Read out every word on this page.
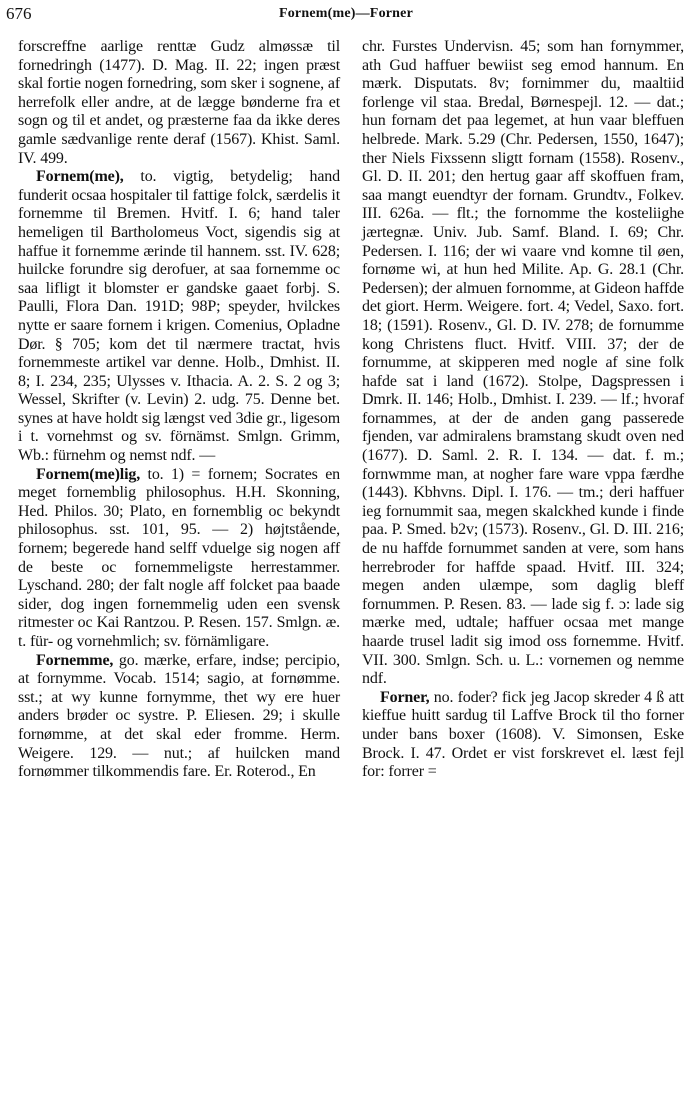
676	Fornem(me)—Forner

forscreffne aarlige renttæ Gudz almøssæ til fornedringh (1477). D. Mag. II. 22; ingen præst skal fortie nogen fornedring, som sker i sognene, af herrefolk eller andre, at de lægge bønderne fra et sogn og til et andet, og præsterne faa da ikke deres gamle sædvanlige rente deraf (1567). Khist. Saml. IV. 499.

Fornem(me), to. vigtig, betydelig; hand funderit ocsaa hospitaler til fattige folck, særdelis it fornemme til Bremen. Hvitf. I. 6; hand taler hemeligen til Bartholomeus Voct, sigendis sig at haffue it fornemme ærinde til hannem. sst. IV. 628; huilcke forundre sig derofuer, at saa fornemme oc saa lifligt it blomster er gandske gaaet forbj. S. Paulli, Flora Dan. 191D; 98P; speyder, hvilckes nytte er saare fornem i krigen. Comenius, Opladne Dør. § 705; kom det til nærmere tractat, hvis fornemmeste artikel var denne. Holb., Dmhist. II. 8; I. 234, 235; Ulysses v. Ithacia. A. 2. S. 2 og 3; Wessel, Skrifter (v. Levin) 2. udg. 75. Denne bet. synes at have holdt sig længst ved 3die gr., ligesom i t. vornehmst og sv. förnämst. Smlgn. Grimm, Wb.: fürnehm og nemst ndf. —

Fornem(me)lig, to. 1) = fornem; Socrates en meget fornemblig philosophus. H.H. Skonning, Hed. Philos. 30; Plato, en fornemblig oc bekyndt philosophus. sst. 101, 95. — 2) højtstående, fornem; begerede hand selff vduelge sig nogen aff de beste oc fornemmeligste herrestammer. Lyschand. 280; der falt nogle aff folcket paa baade sider, dog ingen fornemmelig uden een svensk ritmester oc Kai Rantzou. P. Resen. 157. Smlgn. æ. t. für- og vornehmlich; sv. förnämligare.

Fornemme, go. mærke, erfare, indse; percipio, at fornymme. Vocab. 1514; sagio, at fornømme. sst.; at wy kunne fornymme, thet wy ere huer anders brøder oc systre. P. Eliesen. 29; i skulle fornømme, at det skal eder fromme. Herm. Weigere. 129. — nut.; af huilcken mand fornømmer tilkommendis fare. Er. Roterod., En

chr. Furstes Undervisn. 45; som han fornymmer, ath Gud haffuer bewiist seg emod hannum. En mærk. Disputats. 8v; fornimmer du, maaltiid forlenge vil staa. Bredal, Børnespejl. 12. — dat.; hun fornam det paa legemet, at hun vaar bleffuen helbrede. Mark. 5.29 (Chr. Pedersen, 1550, 1647); ther Niels Fixssenn sligtt fornam (1558). Rosenv., Gl. D. II. 201; den hertug gaar aff skoffuen fram, saa mangt euendtyr der fornam. Grundtv., Folkev. III. 626a. — flt.; the fornomme the kosteliighe jærtegnæ. Univ. Jub. Samf. Bland. I. 69; Chr. Pedersen. I. 116; der wi vaare vnd komne til øen, fornøme wi, at hun hed Milite. Ap. G. 28.1 (Chr. Pedersen); der almuen fornomme, at Gideon haffde det giort. Herm. Weigere. fort. 4; Vedel, Saxo. fort. 18; (1591). Rosenv., Gl. D. IV. 278; de fornumme kong Christens fluct. Hvitf. VIII. 37; der de fornumme, at skipperen med nogle af sine folk hafde sat i land (1672). Stolpe, Dagspressen i Dmrk. II. 146; Holb., Dmhist. I. 239. — lf.; hvoraf fornammes, at der de anden gang passerede fjenden, var admiralens bramstang skudt oven ned (1677). D. Saml. 2. R. I. 134. — dat. f. m.; fornwmme man, at nogher fare ware vppa færdhe (1443). Kbhvns. Dipl. I. 176. — tm.; deri haffuer ieg fornummit saa, megen skalckhed kunde i finde paa. P. Smed. b2v; (1573). Rosenv., Gl. D. III. 216; de nu haffde fornummet sanden at vere, som hans herrebroder for haffde spaad. Hvitf. III. 324; megen anden ulæmpe, som daglig bleff fornummen. P. Resen. 83. — lade sig f. ɔ: lade sig mærke med, udtale; haffuer ocsaa met mange haarde trusel ladit sig imod oss fornemme. Hvitf. VII. 300. Smlgn. Sch. u. L.: vornemen og nemme ndf.

Forner, no. foder? fick jeg Jacop skreder 4 ß att kieffue huitt sardug til Laffve Brock til tho forner under bans boxer (1608). V. Simonsen, Eske Brock. I. 47. Ordet er vist forskrevet el. læst fejl for: forrer =
